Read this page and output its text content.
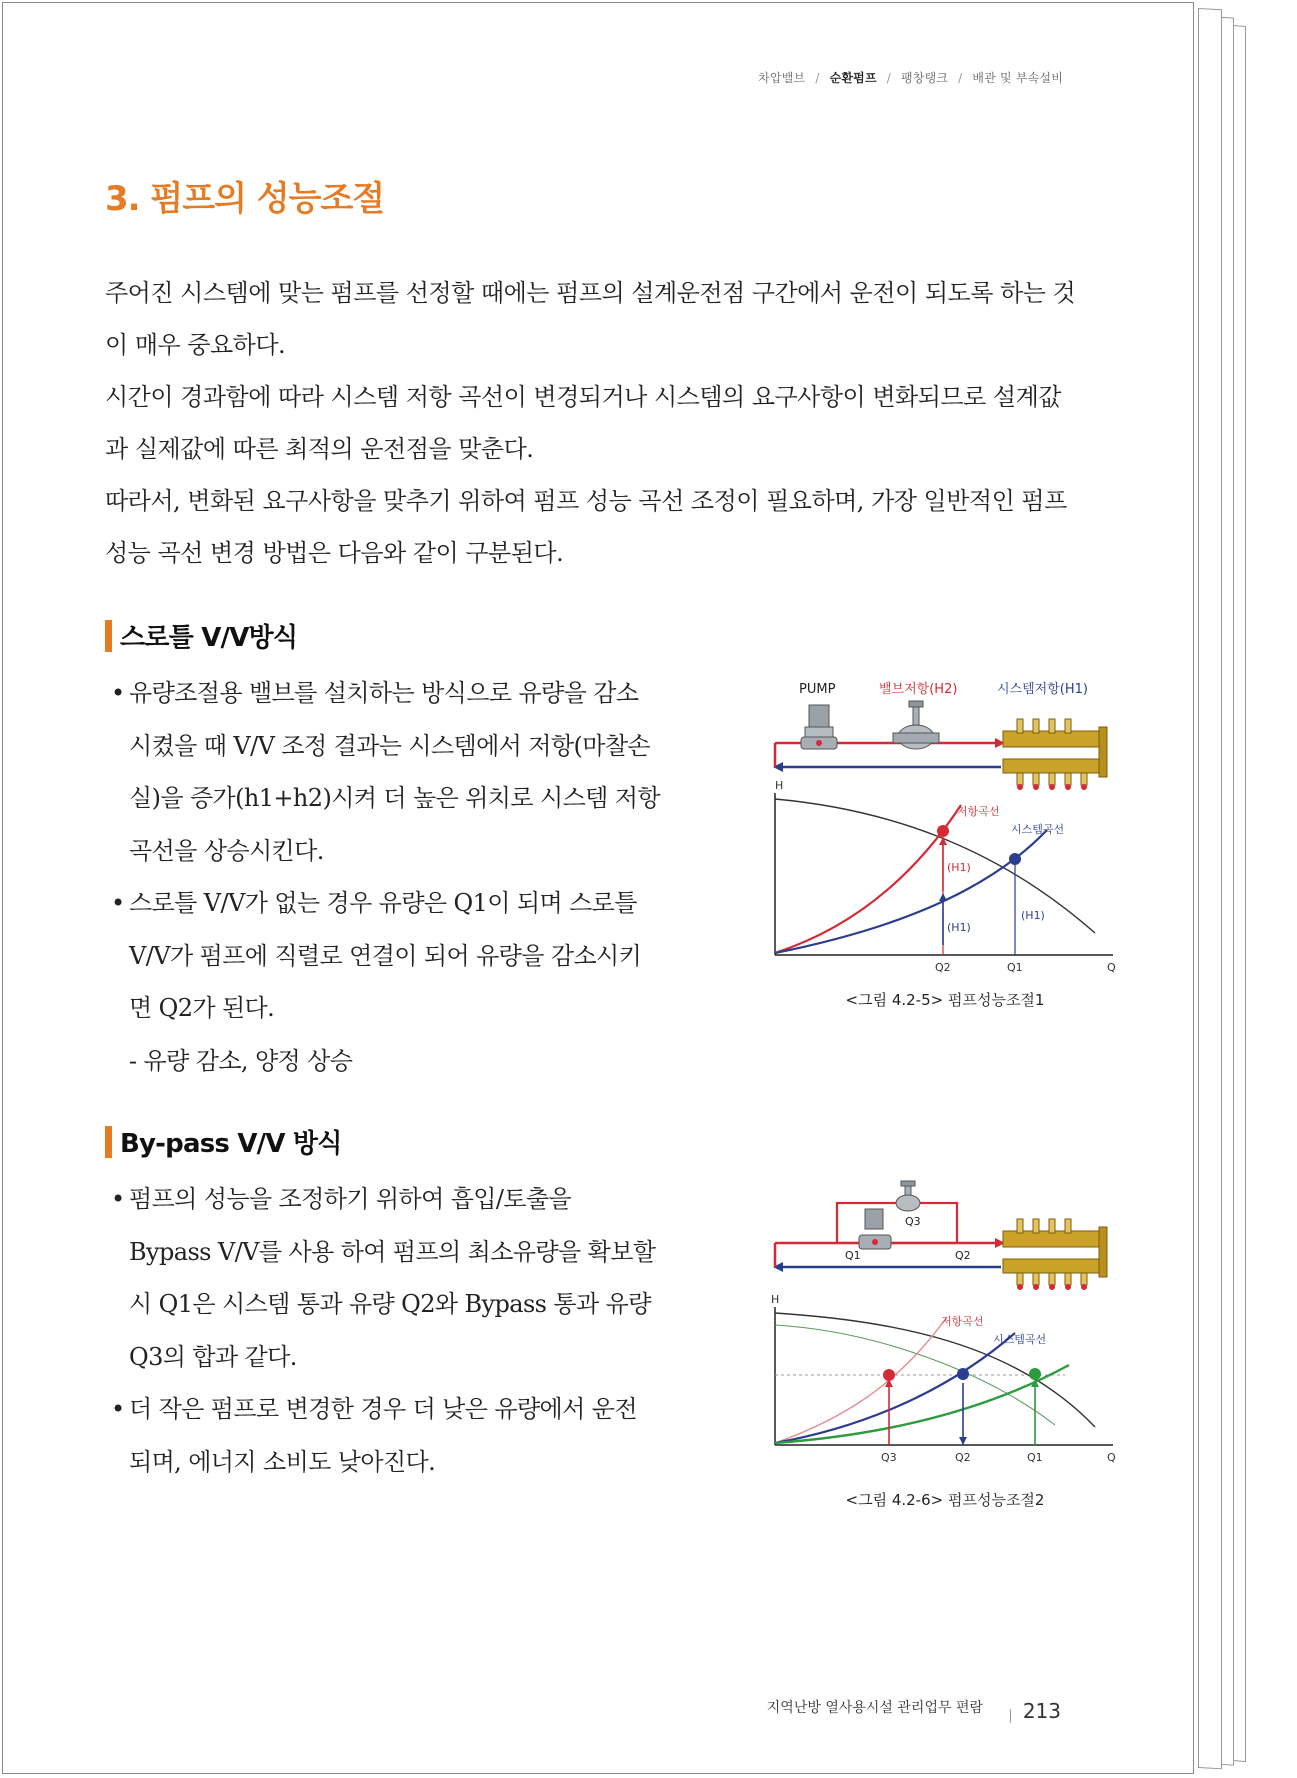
차압밸브 / 순환펌프 / 팽창탱크 / 배관 및 부속설비
3. 펌프의 성능조절

주어진 시스템에 맞는 펌프를 선정할 때에는 펌프의 설계운전점 구간에서 운전이 되도록 하는 것

이 매우 중요하다.

시간이 경과함에 따라 시스템 저항 곡선이 변경되거나 시스템의 요구사항이 변화되므로 설계값

과 실제값에 따른 최적의 운전점을 맞춘다.

따라서, 변화된 요구사항을 맞추기 위하여 펌프 성능 곡선 조정이 필요하며, 가장 일반적인 펌프

성능 곡선 변경 방법은 다음와 같이 구분된다.

스로틀 V/V방식
• 유량조절용 밸브를 설치하는 방식으로 유량을 감소
시켰을 때 V/V 조정 결과는 시스템에서 저항(마찰손
실)을 증가(h1+h2)시켜 더 높은 위치로 시스템 저항
곡선을 상승시킨다.
• 스로틀 V/V가 없는 경우 유량은 Q1이 되며 스로틀
V/V가 펌프에 직렬로 연결이 되어 유량을 감소시키
면 Q2가 된다.
- 유량 감소, 양정 상승
PUMP	밸브저항(H2)	시스템저항(H1)
H
Q
저항곡선
시스템곡선
(H1)
(H1)
(H1)
Q2	Q1
<그림 4.2-5> 펌프성능조절1
By-pass V/V 방식
• 펌프의 성능을 조정하기 위하여 흡입/토출을
Bypass V/V를 사용 하여 펌프의 최소유량을 확보할
시 Q1은 시스템 통과 유량 Q2와 Bypass 통과 유량
Q3의 합과 같다.
• 더 작은 펌프로 변경한 경우 더 낮은 유량에서 운전
되며, 에너지 소비도 낮아진다.
Q3
Q1	Q2
H
Q
저항곡선
시스템곡선
Q3	Q2	Q1
<그림 4.2-6> 펌프성능조절2
지역난방 열사용시설 관리업무 편람 213
